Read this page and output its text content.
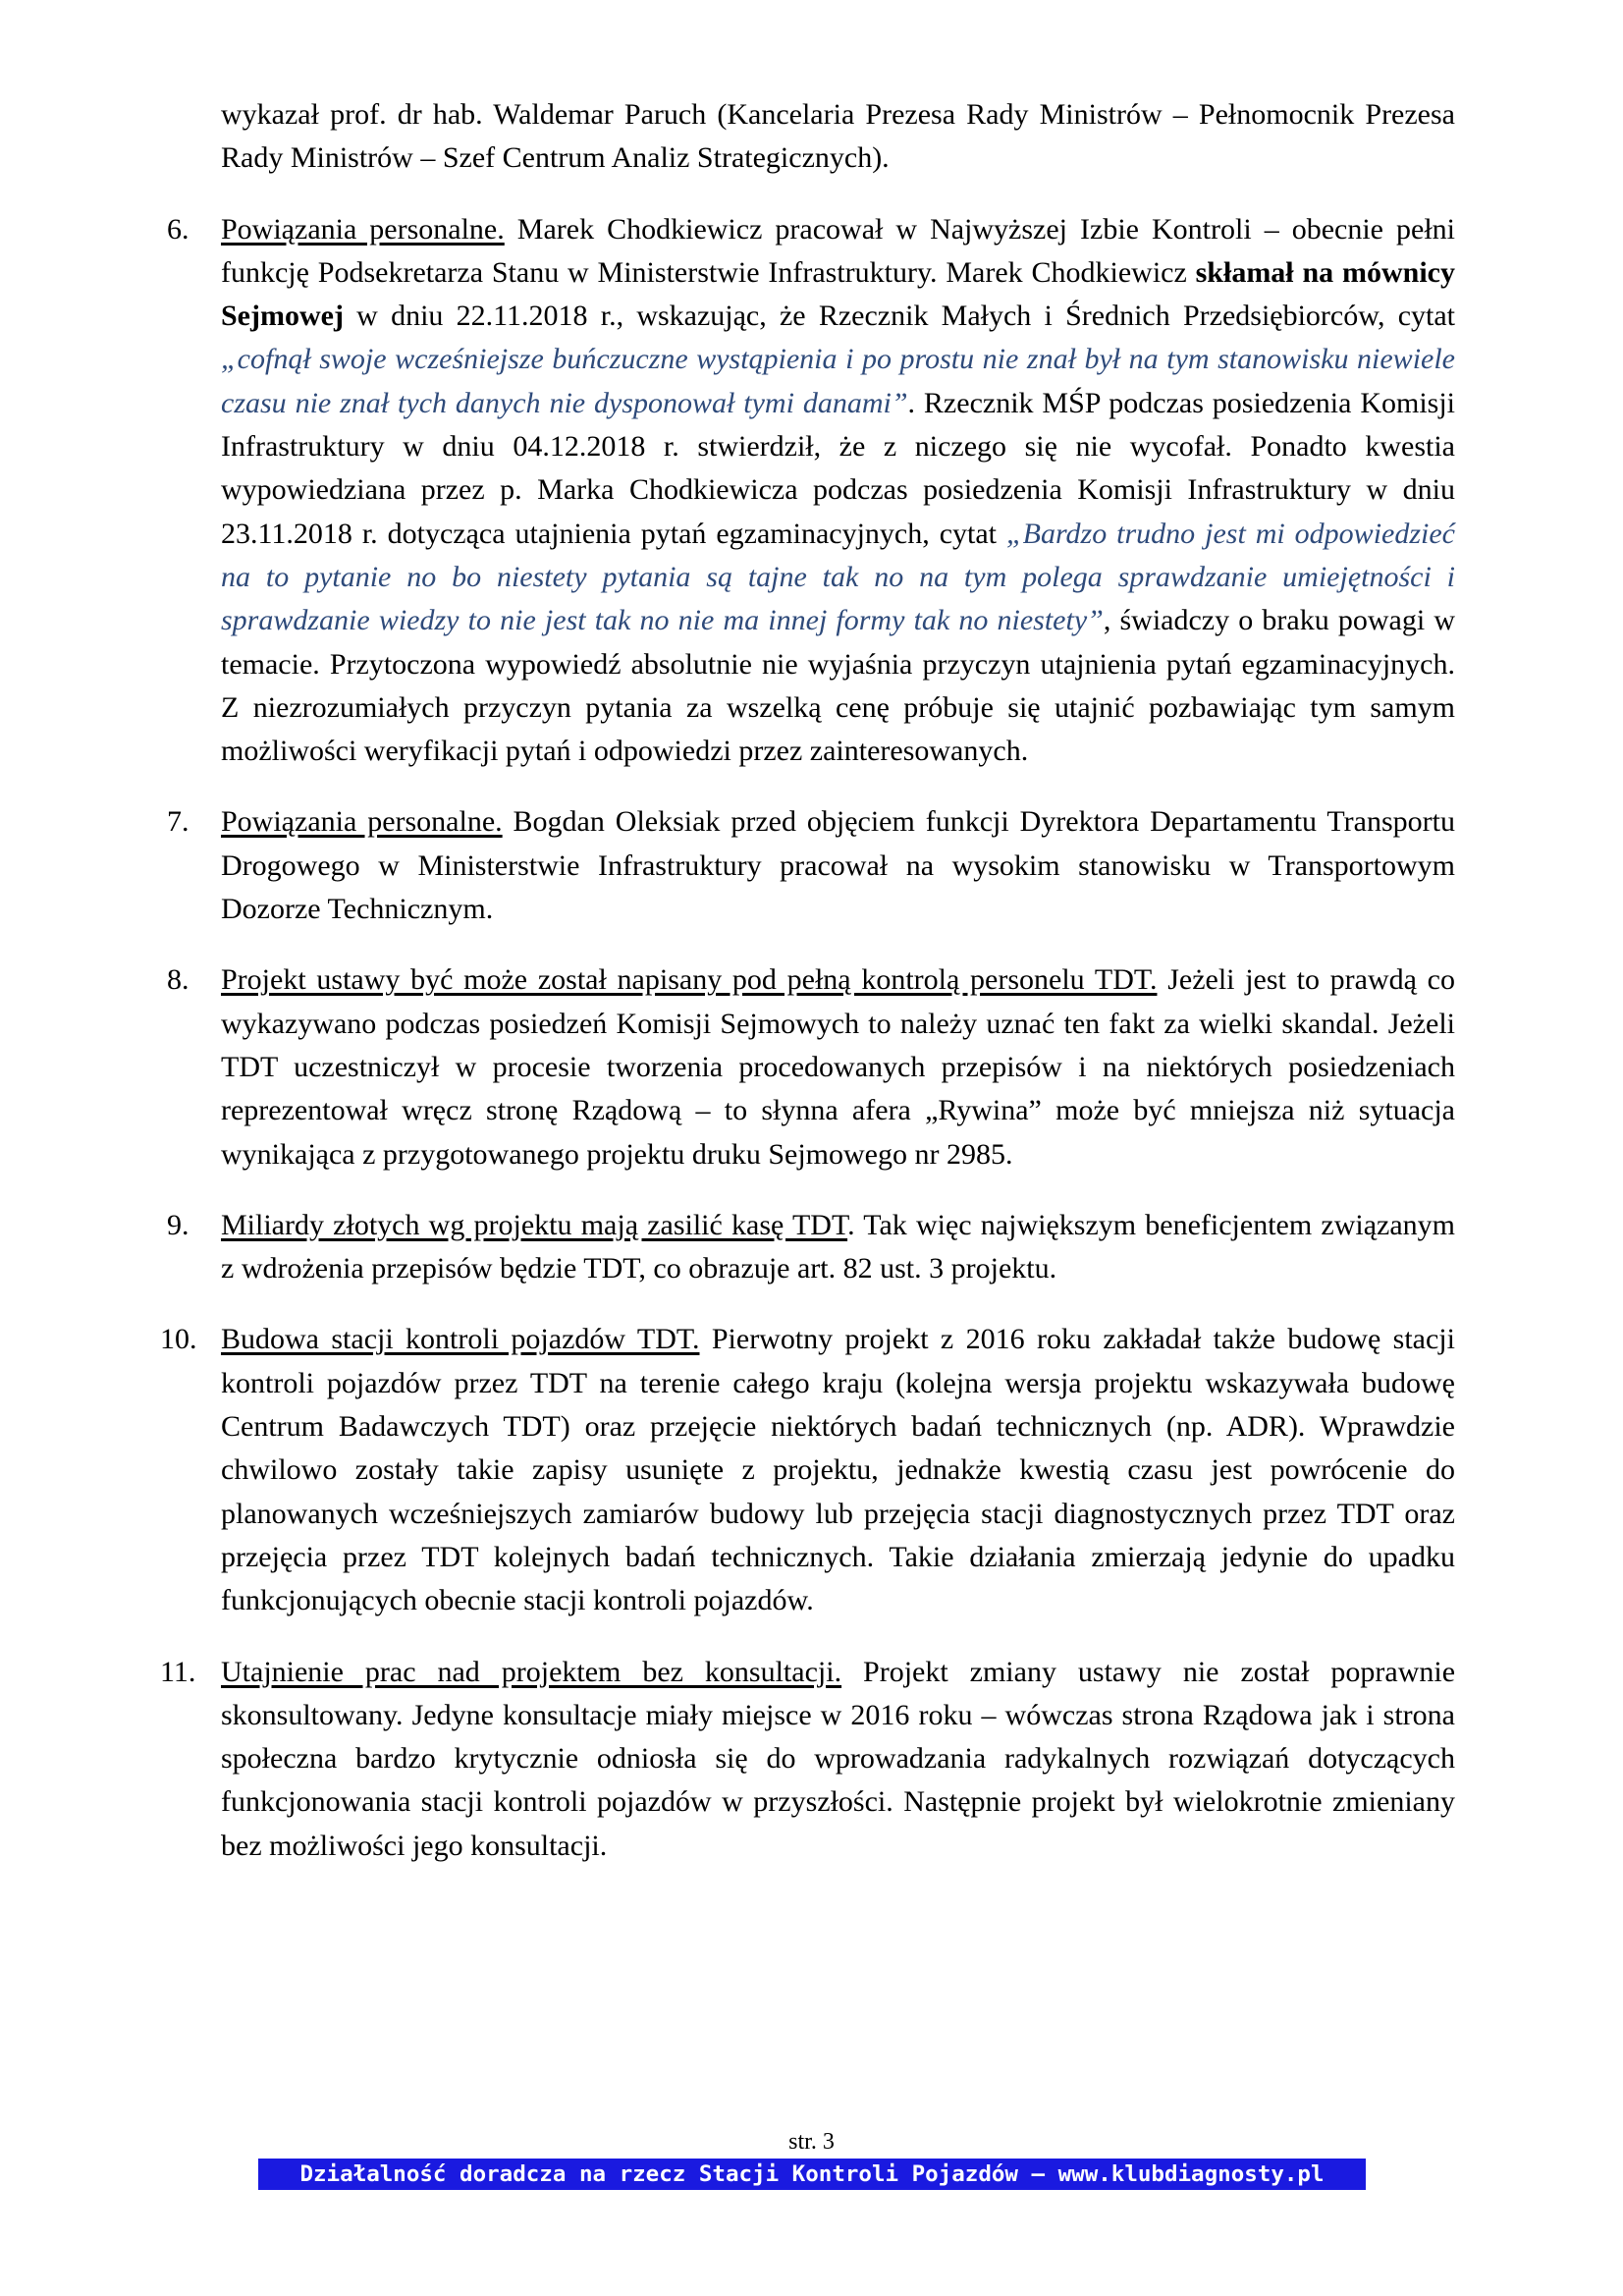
wykazał prof. dr hab. Waldemar Paruch (Kancelaria Prezesa Rady Ministrów – Pełnomocnik Prezesa Rady Ministrów – Szef Centrum Analiz Strategicznych).

6. Powiązania personalne. Marek Chodkiewicz pracował w Najwyższej Izbie Kontroli – obecnie pełni funkcję Podsekretarza Stanu w Ministerstwie Infrastruktury. Marek Chodkiewicz skłamał na mównicy Sejmowej w dniu 22.11.2018 r., wskazując, że Rzecznik Małych i Średnich Przedsiębiorców, cytat „cofnął swoje wcześniejsze buńczuczne wystąpienia i po prostu nie znał był na tym stanowisku niewiele czasu nie znał tych danych nie dysponował tymi danami”. Rzecznik MŚP podczas posiedzenia Komisji Infrastruktury w dniu 04.12.2018 r. stwierdził, że z niczego się nie wycofał. Ponadto kwestia wypowiedziana przez p. Marka Chodkiewicza podczas posiedzenia Komisji Infrastruktury w dniu 23.11.2018 r. dotycząca utajnienia pytań egzaminacyjnych, cytat „Bardzo trudno jest mi odpowiedzieć na to pytanie no bo niestety pytania są tajne tak no na tym polega sprawdzanie umiejętności i sprawdzanie wiedzy to nie jest tak no nie ma innej formy tak no niestety”, świadczy o braku powagi w temacie. Przytoczona wypowiedź absolutnie nie wyjaśnia przyczyn utajnienia pytań egzaminacyjnych. Z niezrozumiałych przyczyn pytania za wszelką cenę próbuje się utajnić pozbawiając tym samym możliwości weryfikacji pytań i odpowiedzi przez zainteresowanych.
7. Powiązania personalne. Bogdan Oleksiak przed objęciem funkcji Dyrektora Departamentu Transportu Drogowego w Ministerstwie Infrastruktury pracował na wysokim stanowisku w Transportowym Dozorze Technicznym.
8. Projekt ustawy być może został napisany pod pełną kontrolą personelu TDT. Jeżeli jest to prawdą co wykazywano podczas posiedzeń Komisji Sejmowych to należy uznać ten fakt za wielki skandal. Jeżeli TDT uczestniczył w procesie tworzenia procedowanych przepisów i na niektórych posiedzeniach reprezentował wręcz stronę Rządową – to słynna afera „Rywina” może być mniejsza niż sytuacja wynikająca z przygotowanego projektu druku Sejmowego nr 2985.
9. Miliardy złotych wg projektu mają zasilić kasę TDT. Tak więc największym beneficjentem związanym z wdrożenia przepisów będzie TDT, co obrazuje art. 82 ust. 3 projektu.
10. Budowa stacji kontroli pojazdów TDT. Pierwotny projekt z 2016 roku zakładał także budowę stacji kontroli pojazdów przez TDT na terenie całego kraju (kolejna wersja projektu wskazywała budowę Centrum Badawczych TDT) oraz przejęcie niektórych badań technicznych (np. ADR). Wprawdzie chwilowo zostały takie zapisy usunięte z projektu, jednakże kwestią czasu jest powrócenie do planowanych wcześniejszych zamiarów budowy lub przejęcia stacji diagnostycznych przez TDT oraz przejęcia przez TDT kolejnych badań technicznych. Takie działania zmierzają jedynie do upadku funkcjonujących obecnie stacji kontroli pojazdów.
11. Utajnienie prac nad projektem bez konsultacji. Projekt zmiany ustawy nie został poprawnie skonsultowany. Jedyne konsultacje miały miejsce w 2016 roku – wówczas strona Rządowa jak i strona społeczna bardzo krytycznie odniosła się do wprowadzania radykalnych rozwiązań dotyczących funkcjonowania stacji kontroli pojazdów w przyszłości. Następnie projekt był wielokrotnie zmieniany bez możliwości jego konsultacji.
str. 3
Działalność doradcza na rzecz Stacji Kontroli Pojazdów – www.klubdiagnosty.pl
